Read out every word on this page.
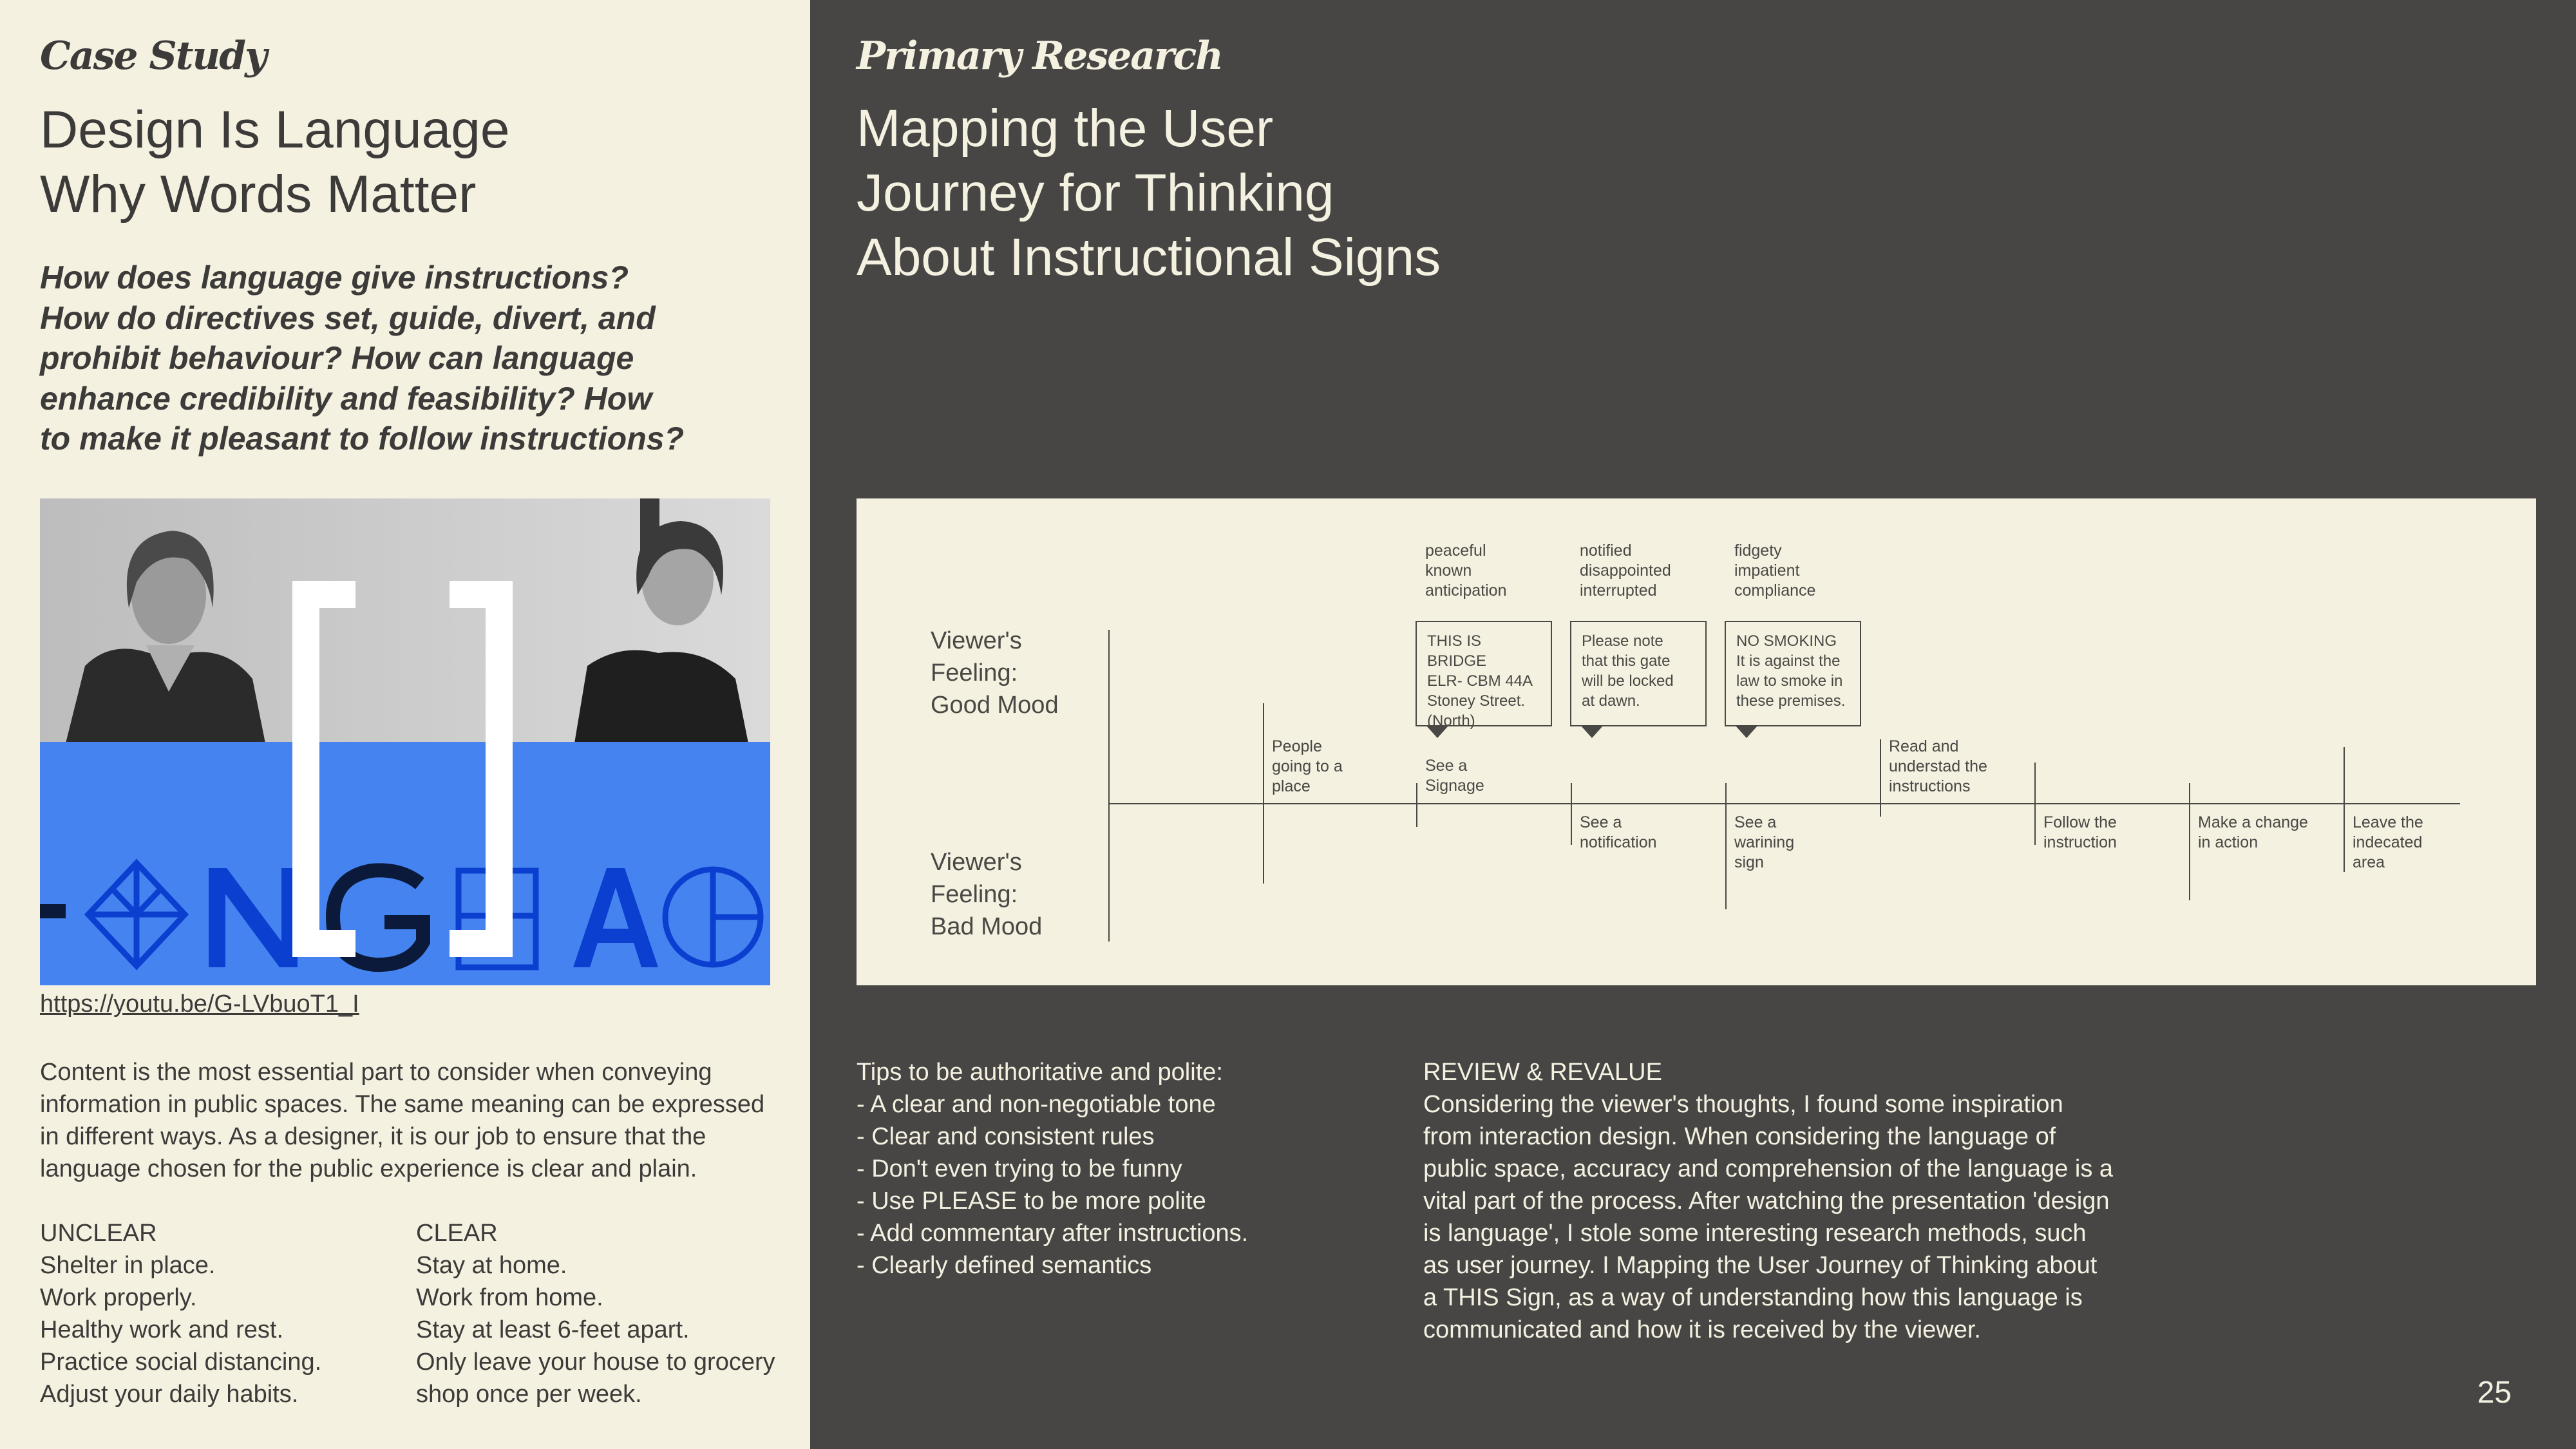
Case Study
Design Is Language
Why Words Matter
How does language give instructions?
How do directives set, guide, divert, and
prohibit behaviour? How can language
enhance credibility and feasibility? How
to make it pleasant to follow instructions?
https://youtu.be/G-LVbuoT1_I
Content is the most essential part to consider when conveying
information in public spaces. The same meaning can be expressed
in different ways. As a designer, it is our job to ensure that the
language chosen for the public experience is clear and plain.
UNCLEAR
Shelter in place.
Work properly.
Healthy work and rest.
Practice social distancing.
Adjust your daily habits.
CLEAR
Stay at home.
Work from home.
Stay at least 6-feet apart.
Only leave your house to grocery
shop once per week.
Primary Research
Mapping the User
Journey for Thinking
About Instructional Signs
Viewer's
Feeling:
Good Mood
Viewer's
Feeling:
Bad Mood
peaceful
known
anticipation
notified
disappointed
interrupted
fidgety
impatient
compliance
THIS IS BRIDGE
ELR- CBM 44A
Stoney Street.
(North)
Please note
that this gate
will be locked
at dawn.
NO SMOKING
It is against the
law to smoke in
these premises.
People
going to a
place
See a
Signage
See a
notification
See a
warining
sign
Read and
understad the
instructions
Follow the
instruction
Make a change
in action
Leave the
indecated
area
Tips to be authoritative and polite:
- A clear and non-negotiable tone
- Clear and consistent rules
- Don't even trying to be funny
- Use PLEASE to be more polite
- Add commentary after instructions.
- Clearly defined semantics
REVIEW & REVALUE
Considering the viewer's thoughts, I found some inspiration
from interaction design. When considering the language of
public space, accuracy and comprehension of the language is a
vital part of the process. After watching the presentation 'design
is language', I stole some interesting research methods, such
as user journey. I Mapping the User Journey of Thinking about
a THIS Sign, as a way of understanding how this language is
communicated and how it is received by the viewer.
25
